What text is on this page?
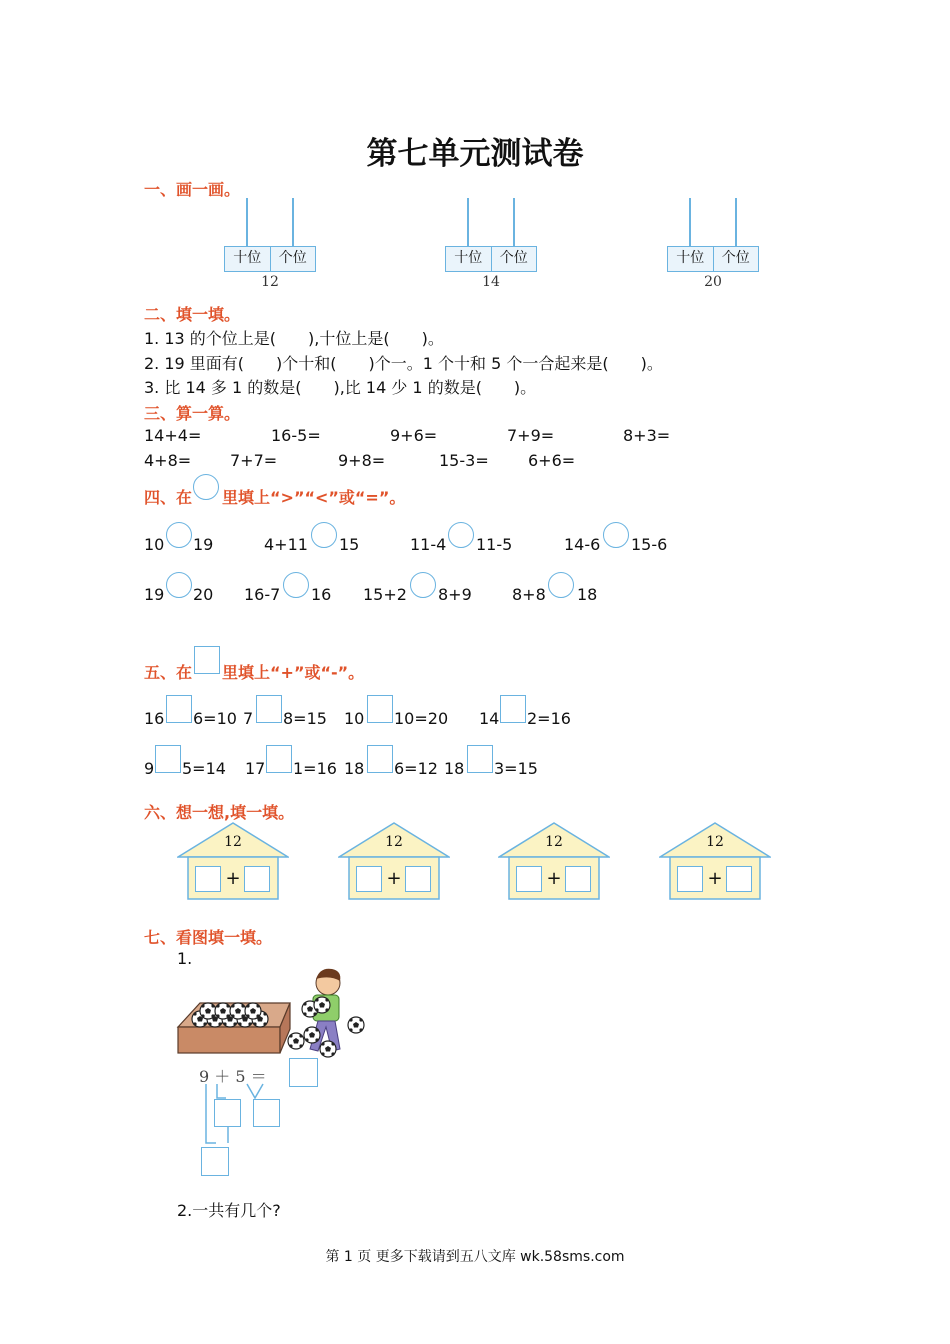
第七单元测试卷
一、画一画。
十位	个位
12
十位	个位
14
十位	个位
20
二、填一填。
1. 13 的个位上是(　　),十位上是(　　)。
2. 19 里面有(　　)个十和(　　)个一。1 个十和 5 个一合起来是(　　)。
3. 比 14 多 1 的数是(　　),比 14 少 1 的数是(　　)。
三、算一算。
14+4=	16-5=	9+6=	7+9=	8+3=
4+8= 7+7=	9+8=	15-3= 6+6=
四、在 里填上“>”“<”或“=”。
10 19	4+11 15	11-4 11-5	14-6 15-6
19 20 16-7 16 15+2 8+9	8+8 18
五、在 里填上“+”或“-”。
16 6=10 7 8=15 10 10=20 14 2=16
9 5=14 17 1=16 18 6=12 18 3=15
六、想一想,填一填。
12
+
12
+
12
+
12
+
七、看图填一填。
1.
9 ＋ 5 ＝
2.一共有几个?
第 1 页 更多下载请到五八文库 wk.58sms.com
